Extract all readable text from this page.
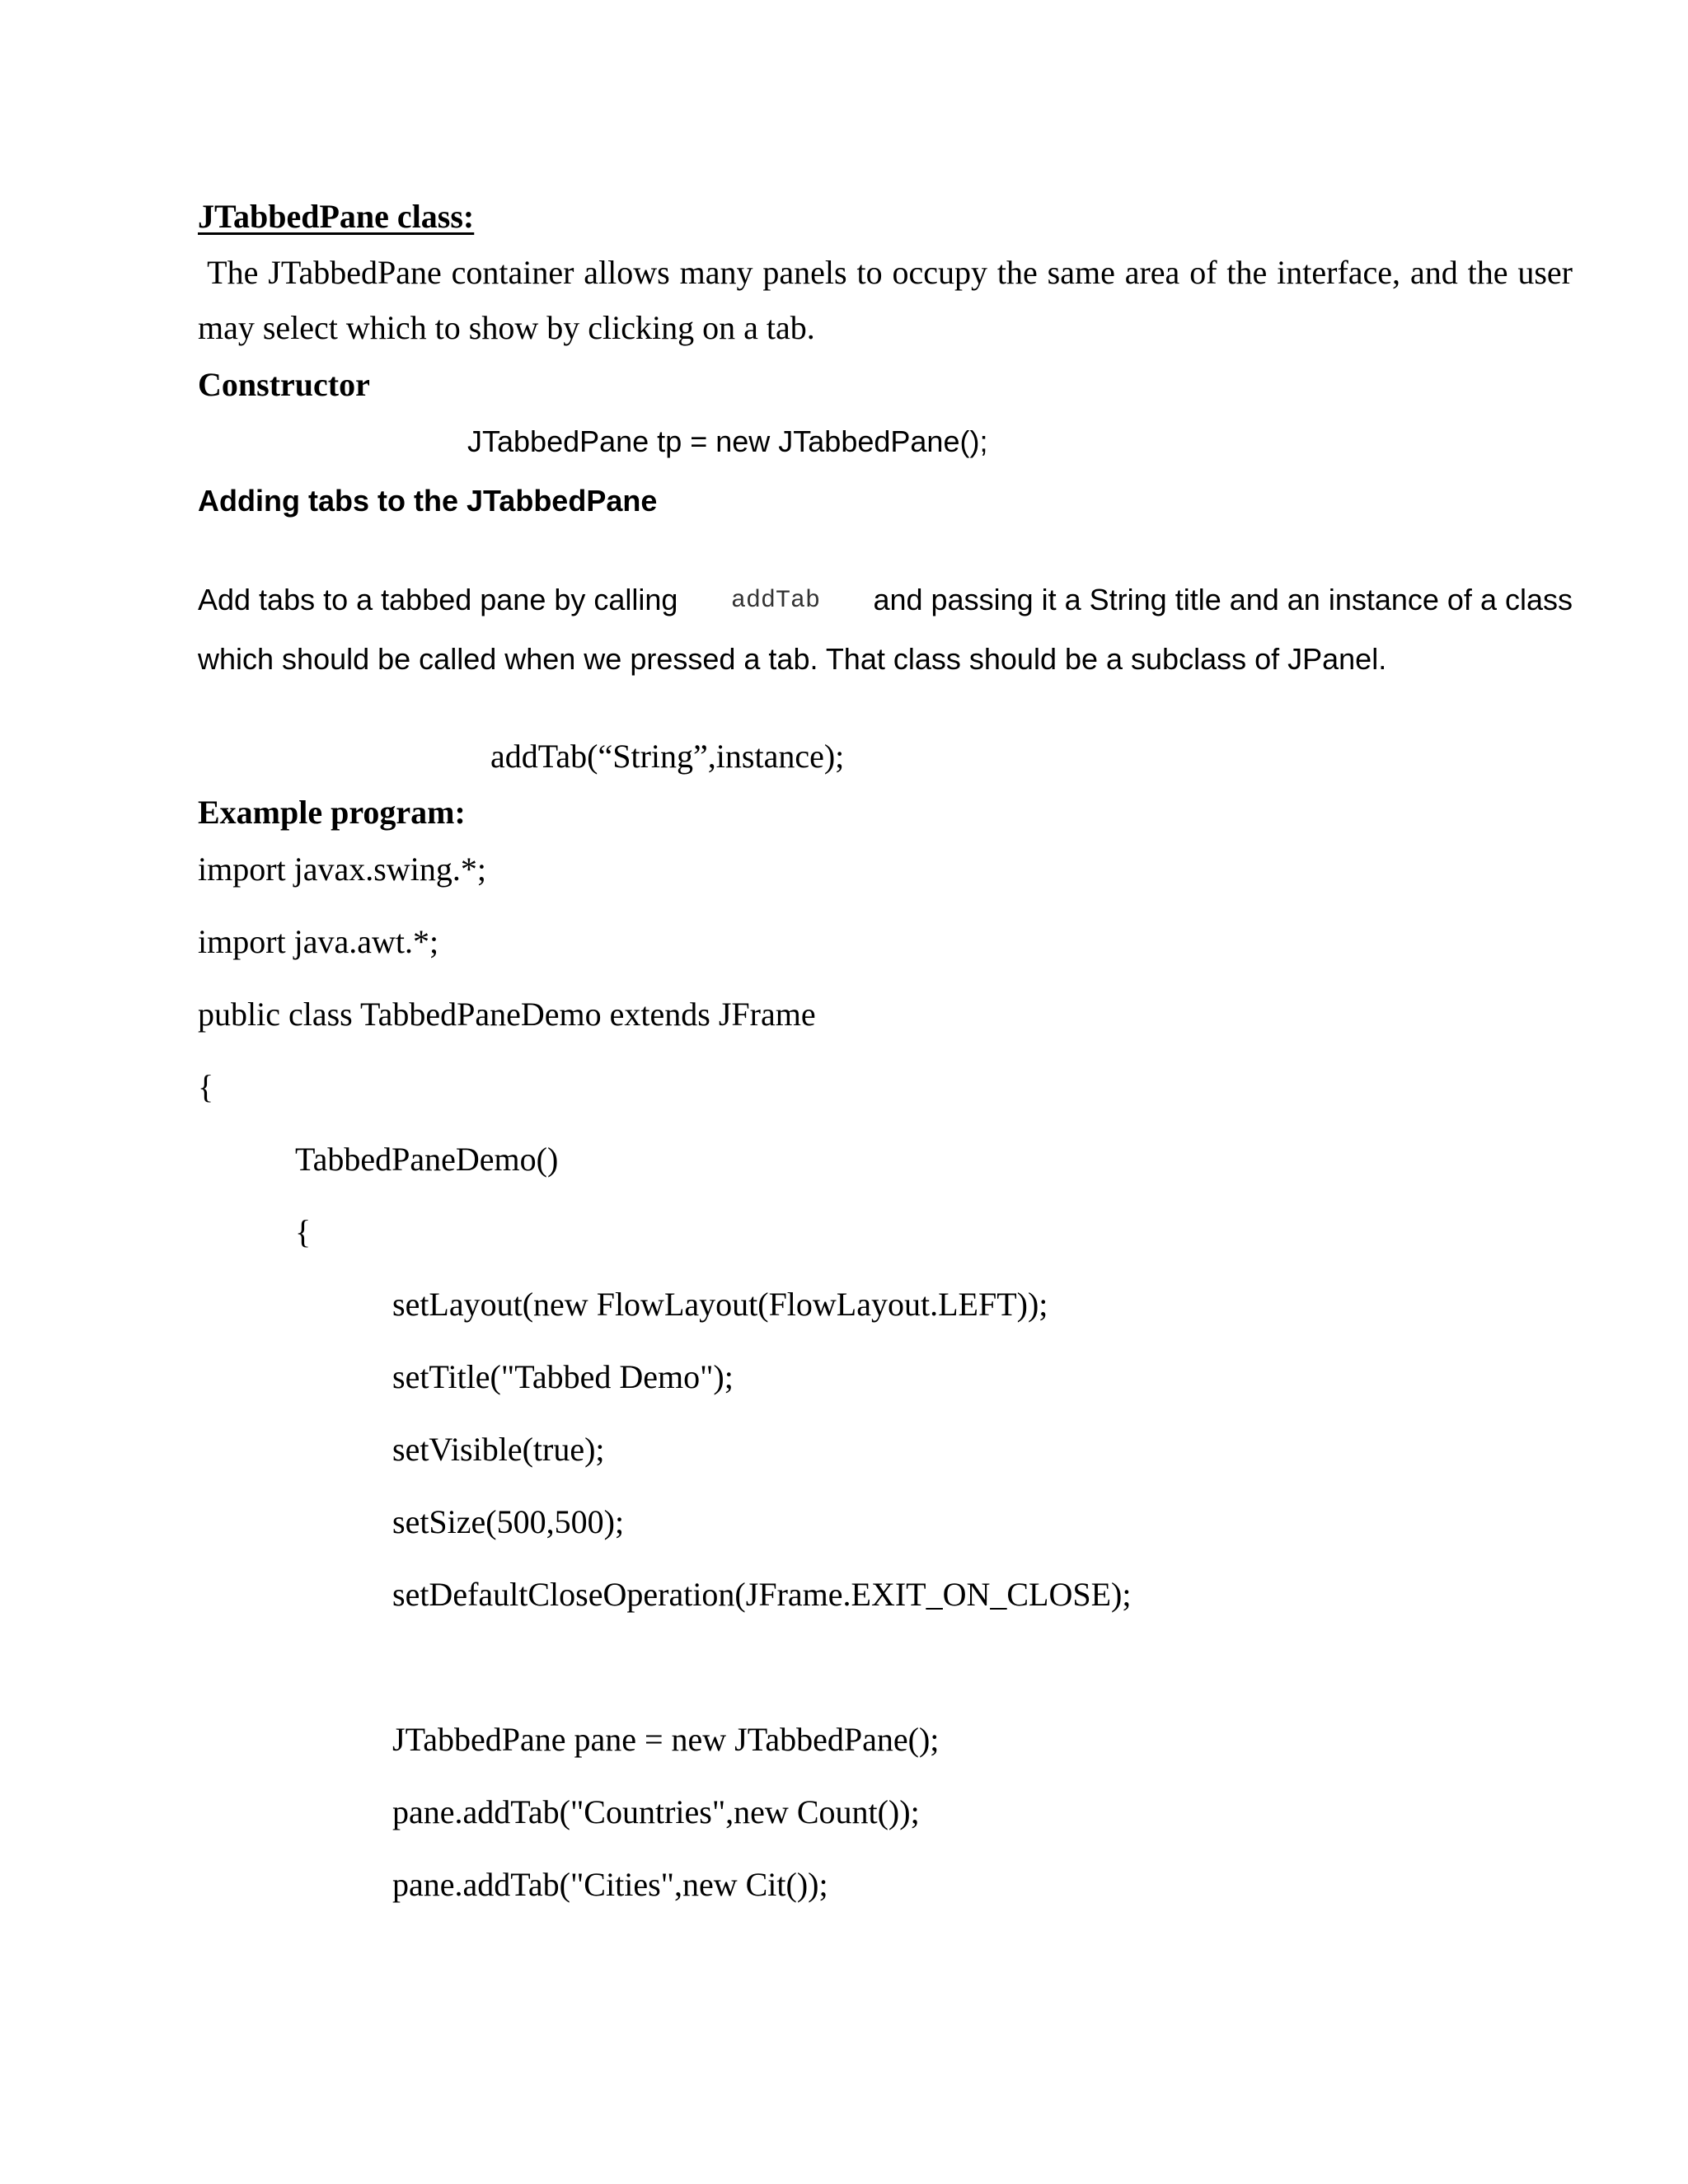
JTabbedPane class:
The JTabbedPane container allows many panels to occupy the same area of the interface, and the user
may select which to show by clicking on a tab.
Constructor
JTabbedPane tp = new JTabbedPane();
Adding tabs to the JTabbedPane
Add tabs to a tabbed pane by calling addTab and passing it a String title and an instance of a class
which should be called when we pressed a tab. That class should be a subclass of JPanel.
addTab(“String”,instance);
Example program:
import javax.swing.*;
import java.awt.*;
public class TabbedPaneDemo extends JFrame
{
TabbedPaneDemo()
{
setLayout(new FlowLayout(FlowLayout.LEFT));
setTitle("Tabbed Demo");
setVisible(true);
setSize(500,500);
setDefaultCloseOperation(JFrame.EXIT_ON_CLOSE);
JTabbedPane pane = new JTabbedPane();
pane.addTab("Countries",new Count());
pane.addTab("Cities",new Cit());
